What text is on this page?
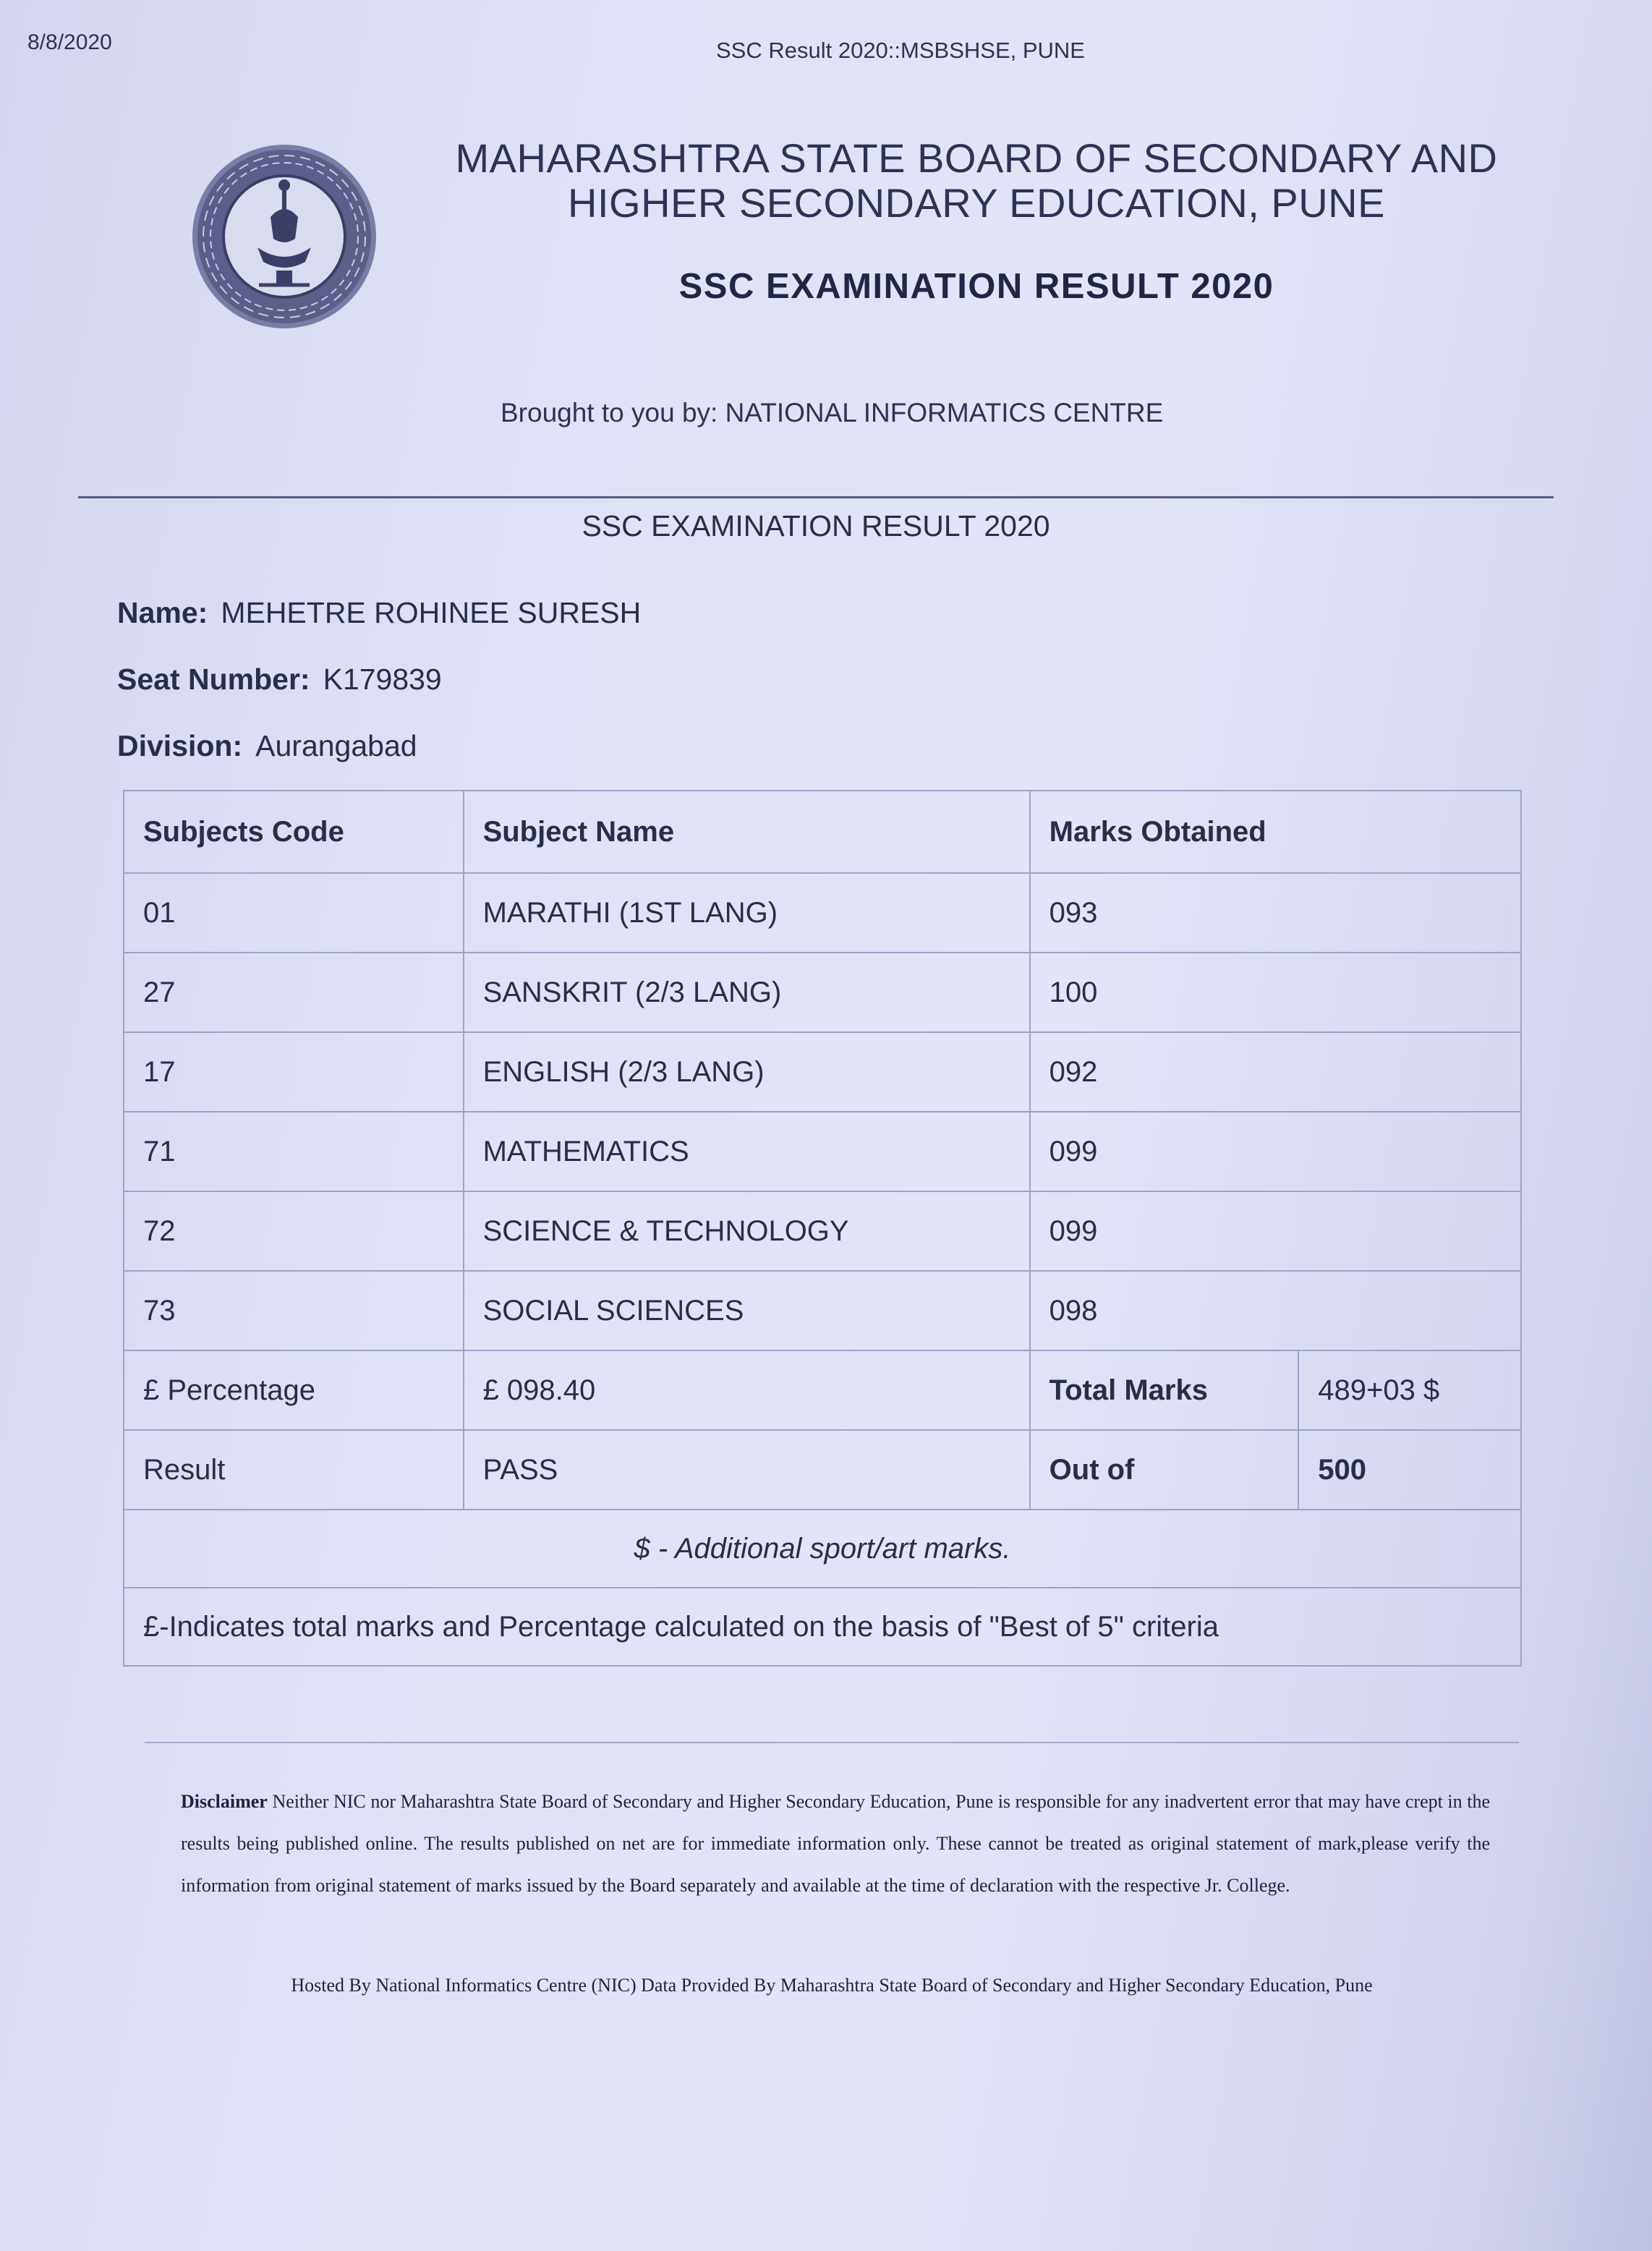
8/8/2020	SSC Result 2020::MSBSHSE, PUNE
MAHARASHTRA STATE BOARD OF SECONDARY AND
HIGHER SECONDARY EDUCATION, PUNE
SSC EXAMINATION RESULT 2020
Brought to you by: NATIONAL INFORMATICS CENTRE
SSC EXAMINATION RESULT 2020
Name: MEHETRE ROHINEE SURESH
Seat Number: K179839
Division: Aurangabad
Subjects Code	Subject Name	Marks Obtained	
01	MARATHI (1ST LANG)	093	
27	SANSKRIT (2/3 LANG)	100	
17	ENGLISH (2/3 LANG)	092	
71	MATHEMATICS	099	
72	SCIENCE & TECHNOLOGY	099	
73	SOCIAL SCIENCES	098	
£ Percentage	£ 098.40	Total Marks	489+03 $
Result	PASS	Out of	500
$ - Additional sport/art marks.			
£-Indicates total marks and Percentage calculated on the basis of "Best of 5" criteria			
Disclaimer Neither NIC nor Maharashtra State Board of Secondary and Higher Secondary Education, Pune is responsible for any inadvertent error that may have crept in the results being published online. The results published on net are for immediate information only. These cannot be treated as original statement of mark,please verify the information from original statement of marks issued by the Board separately and available at the time of declaration with the respective Jr. College.
Hosted By National Informatics Centre (NIC) Data Provided By Maharashtra State Board of Secondary and Higher Secondary Education, Pune
